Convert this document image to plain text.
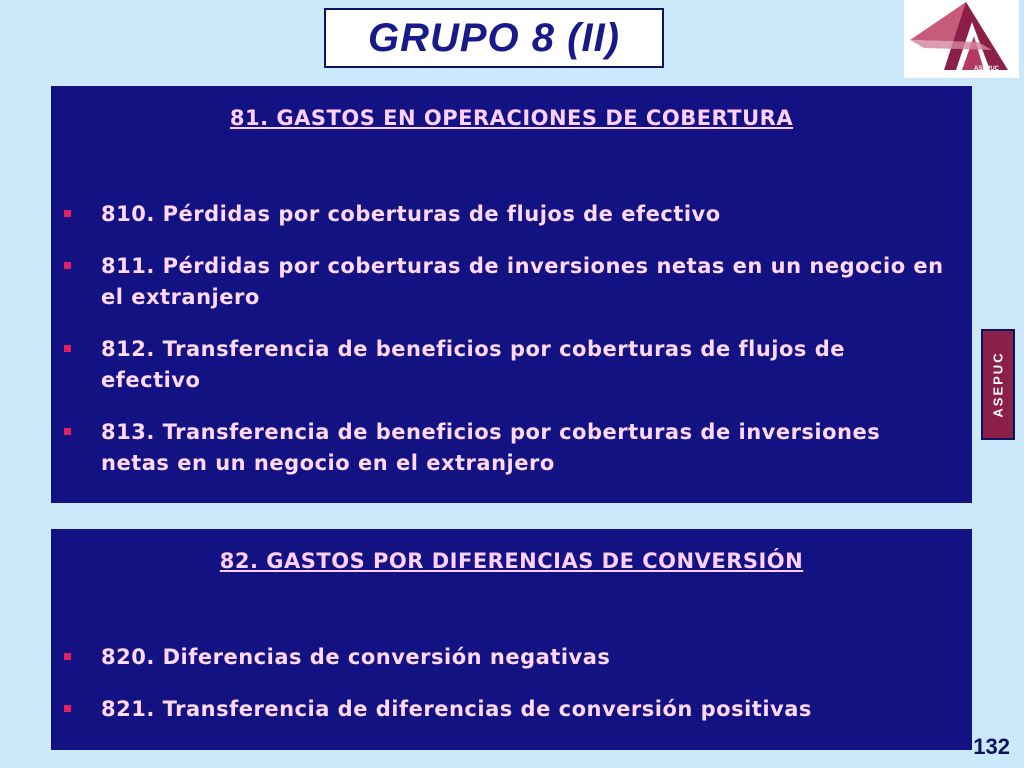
GRUPO 8 (II)
ASEPUC
81. GASTOS EN OPERACIONES DE COBERTURA
810. Pérdidas por coberturas de flujos de efectivo
811. Pérdidas por coberturas de inversiones netas en un negocio en el extranjero
812. Transferencia de beneficios por coberturas de flujos de efectivo
813. Transferencia de beneficios por coberturas de inversiones netas en un negocio en el extranjero
82. GASTOS POR DIFERENCIAS DE CONVERSIÓN
820. Diferencias de conversión negativas
821. Transferencia de diferencias de conversión positivas
ASEPUC
132
